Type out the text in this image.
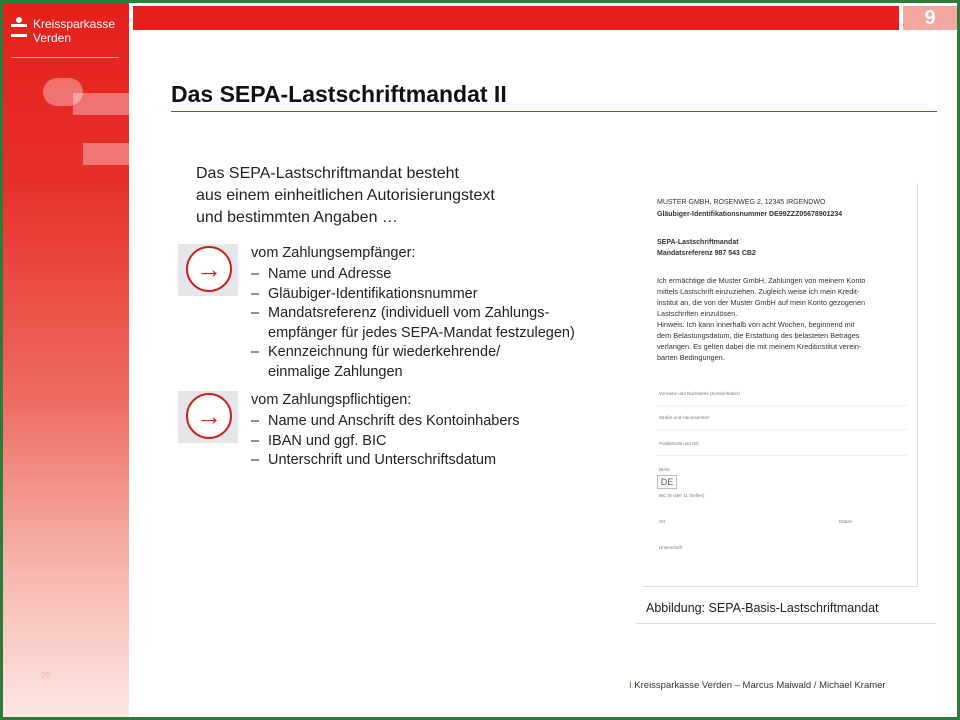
Kreissparkasse
Verden
20
9
Das SEPA-Lastschriftmandat II
Das SEPA-Lastschriftmandat besteht
aus einem einheitlichen Autorisierungstext
und bestimmten Angaben …
→
vom Zahlungsempfänger:
– Name und Adresse
– Gläubiger-Identifikationsnummer
– Mandatsreferenz (individuell vom Zahlungs-
empfänger für jedes SEPA-Mandat festzulegen)
– Kennzeichnung für wiederkehrende/
einmalige Zahlungen
→
vom Zahlungspflichtigen:
– Name und Anschrift des Kontoinhabers
– IBAN und ggf. BIC
– Unterschrift und Unterschriftsdatum
MUSTER GMBH, ROSENWEG 2, 12345 IRGENDWO
Gläubiger-Identifikationsnummer DE99ZZZ05678901234
SEPA-Lastschriftmandat
Mandatsreferenz 987 543 CB2
Ich ermächtige die Muster GmbH, Zahlungen von meinem Konto
mittels Lastschrift einzuziehen. Zugleich weise ich mein Kredit-
institut an, die von der Muster GmbH auf mein Konto gezogenen
Lastschriften einzulösen.
Hinweis: Ich kann innerhalb von acht Wochen, beginnend mit
dem Belastungsdatum, die Erstattung des belasteten Betrages
verlangen. Es gelten dabei die mit meinem Kreditinstitut verein-
barten Bedingungen.
Vorname und Nachname (Kontoinhaber)
Straße und Hausnummer
Postleitzahl und Ort
IBAN
DE
BIC (8 oder 11 Stellen)
Ort	Datum
Unterschrift
Abbildung: SEPA-Basis-Lastschriftmandat
I Kreissparkasse Verden – Marcus Maiwald / Michael Kramer
